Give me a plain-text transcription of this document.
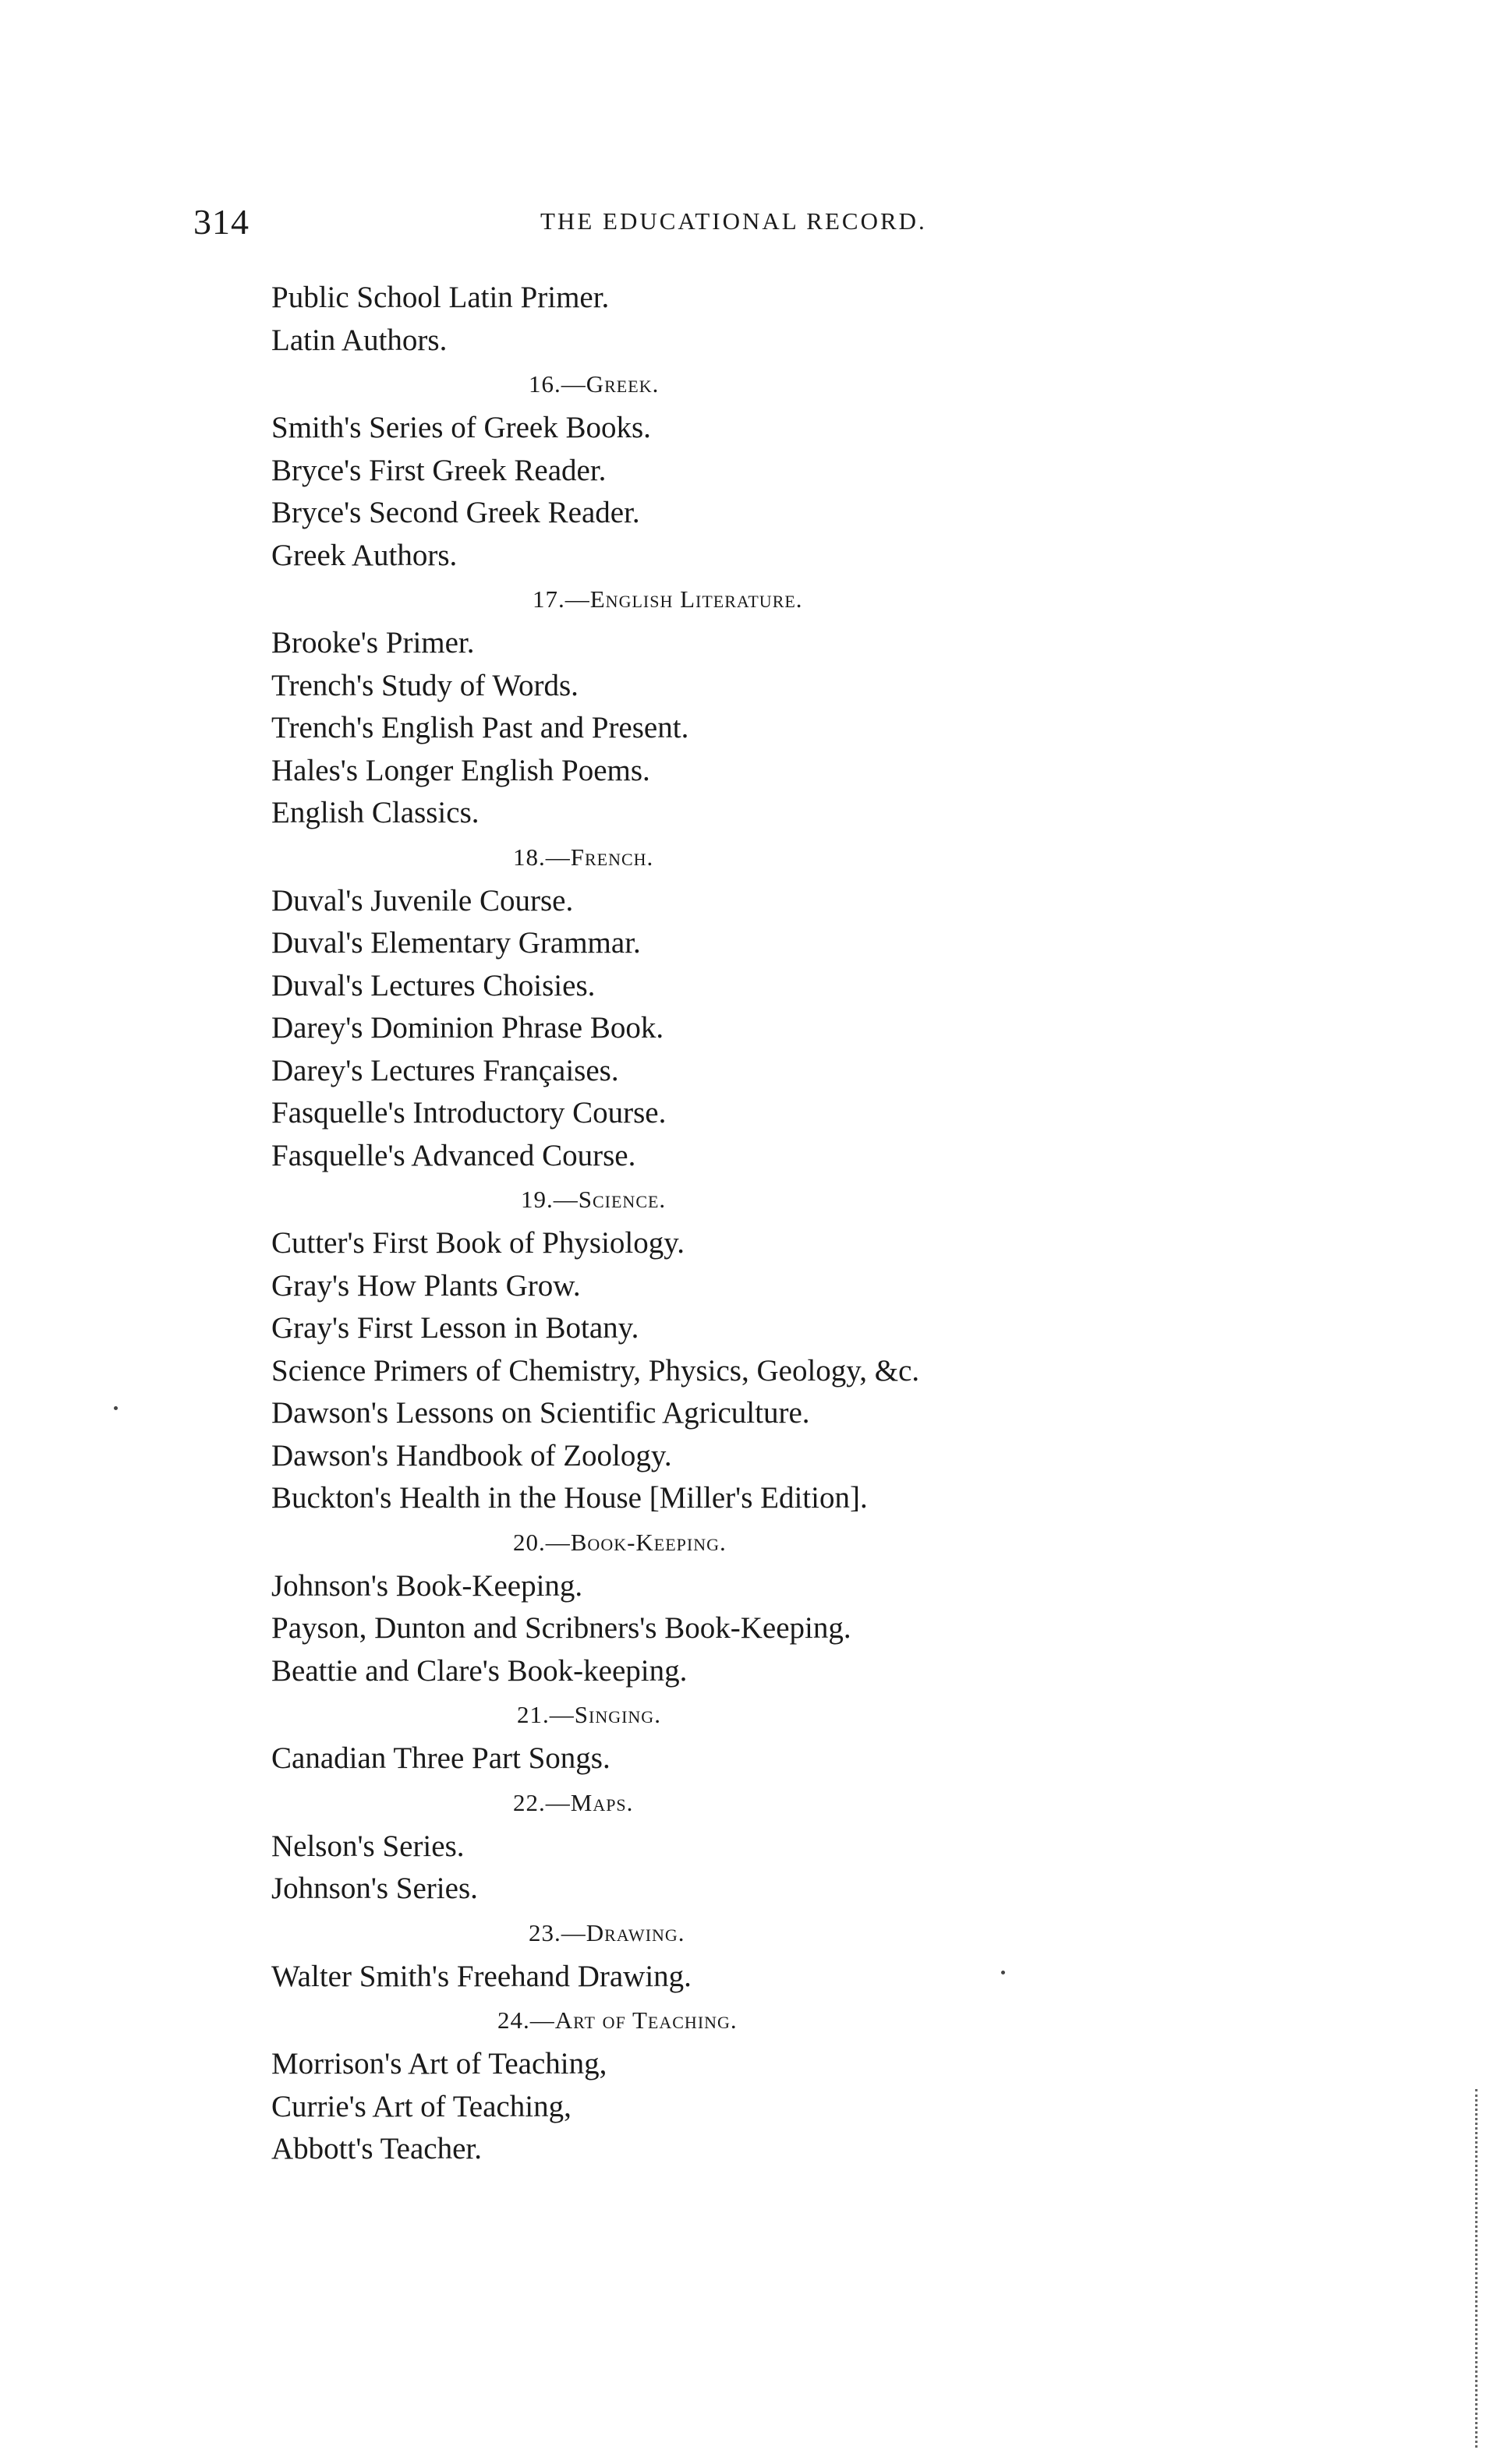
314	THE EDUCATIONAL RECORD.
Public School Latin Primer.
Latin Authors.
16.—Greek.
Smith's Series of Greek Books.
Bryce's First Greek Reader.
Bryce's Second Greek Reader.
Greek Authors.
17.—English Literature.
Brooke's Primer.
Trench's Study of Words.
Trench's English Past and Present.
Hales's Longer English Poems.
English Classics.
18.—French.
Duval's Juvenile Course.
Duval's Elementary Grammar.
Duval's Lectures Choisies.
Darey's Dominion Phrase Book.
Darey's Lectures Françaises.
Fasquelle's Introductory Course.
Fasquelle's Advanced Course.
19.—Science.
Cutter's First Book of Physiology.
Gray's How Plants Grow.
Gray's First Lesson in Botany.
Science Primers of Chemistry, Physics, Geology, &c.
Dawson's Lessons on Scientific Agriculture.
Dawson's Handbook of Zoology.
Buckton's Health in the House [Miller's Edition].
20.—Book-Keeping.
Johnson's Book-Keeping.
Payson, Dunton and Scribners's Book-Keeping.
Beattie and Clare's Book-keeping.
21.—Singing.
Canadian Three Part Songs.
22.—Maps.
Nelson's Series.
Johnson's Series.
23.—Drawing.
Walter Smith's Freehand Drawing.
24.—Art of Teaching.
Morrison's Art of Teaching,
Currie's Art of Teaching,
Abbott's Teacher.
